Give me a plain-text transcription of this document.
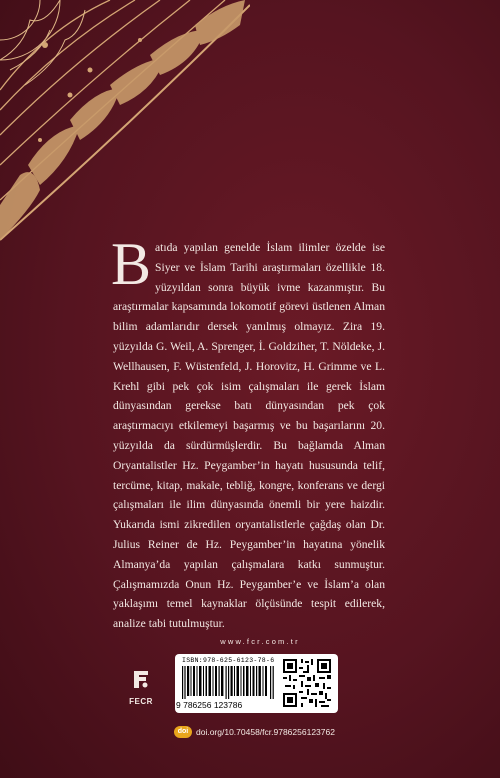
Batıda yapılan genelde İslam ilimler özelde ise Siyer ve İslam Tarihi araştırmaları özellikle 18. yüzyıldan sonra büyük ivme kazanmıştır. Bu araştırmalar kapsamında lokomotif görevi üstlenen Alman bilim adamlarıdır dersek yanılmış olmayız. Zira 19. yüzyılda G. Weil, A. Sprenger, İ. Goldziher, T. Nöldeke, J. Wellhausen, F. Wüstenfeld, J. Horovitz, H. Grimme ve L. Krehl gibi pek çok isim çalışmaları ile gerek İslam dünyasından gerekse batı dünyasından pek çok araştırmacıyı etkilemeyi başarmış ve bu başarılarını 20. yüzyılda da sürdürmüşlerdir. Bu bağlamda Alman Oryantalistler Hz. Peygamber’in hayatı hususunda telif, tercüme, kitap, makale, tebliğ, kongre, konferans ve dergi çalışmaları ile ilim dünyasında önemli bir yere haizdir. Yukarıda ismi zikredilen oryantalistlerle çağdaş olan Dr. Julius Reiner de Hz. Peygamber’in hayatına yönelik Almanya’da yapılan çalışmalara katkı sunmuştur. Çalışmamızda Onun Hz. Peygamber’e ve İslam’a olan yaklaşımı temel kaynaklar ölçüsünde tespit edilerek, analize tabi tutulmuştur.
www.fcr.com.tr
FECR
ISBN:978-625-6123-78-6
9 786256 123786
doi doi.org/10.70458/fcr.9786256123762
